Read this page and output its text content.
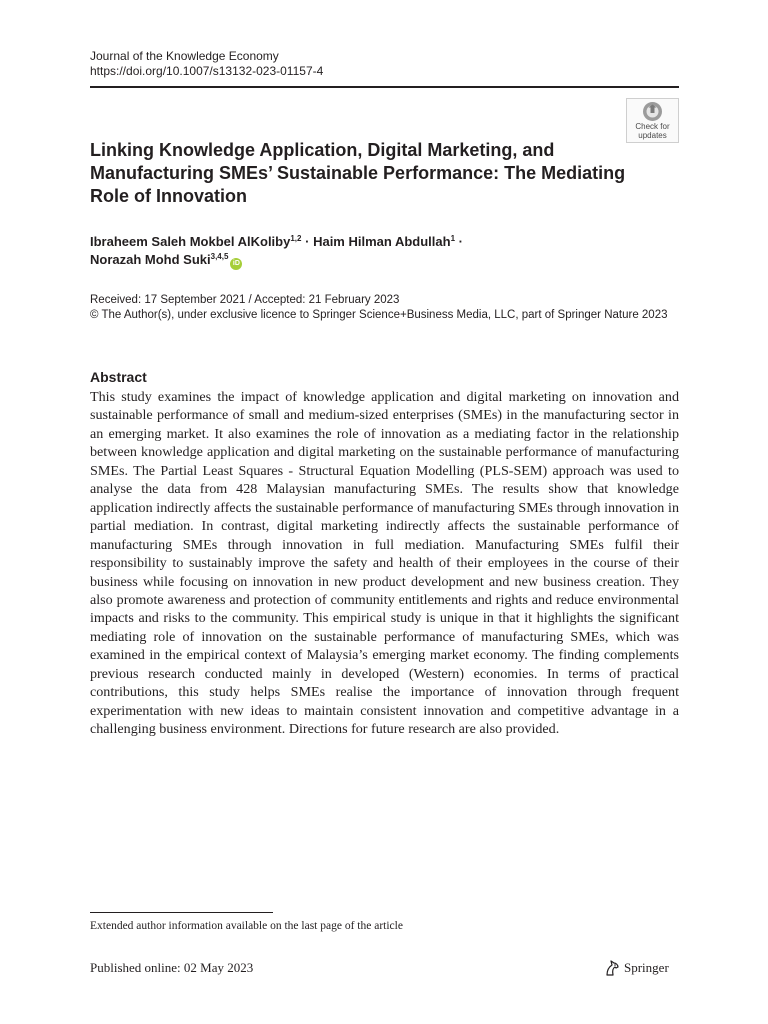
Journal of the Knowledge Economy
https://doi.org/10.1007/s13132-023-01157-4
Check for
updates
Linking Knowledge Application, Digital Marketing, and Manufacturing SMEs’ Sustainable Performance: The Mediating Role of Innovation
Ibraheem Saleh Mokbel AlKoliby$^{1,2}$ · Haim Hilman Abdullah$^1$ ·
Norazah Mohd Suki$^{3,4,5}$iD
Received: 17 September 2021 / Accepted: 21 February 2023
© The Author(s), under exclusive licence to Springer Science+Business Media, LLC, part of Springer Nature 2023
Abstract

This study examines the impact of knowledge application and digital marketing on innovation and sustainable performance of small and medium-sized enterprises (SMEs) in the manufacturing sector in an emerging market. It also examines the role of innovation as a mediating factor in the relationship between knowledge application and digital marketing on the sustainable performance of manufacturing SMEs. The Partial Least Squares - Structural Equation Modelling (PLS-SEM) approach was used to analyse the data from 428 Malaysian manufacturing SMEs. The results show that knowledge application indirectly affects the sustainable performance of manufacturing SMEs through innovation in partial mediation. In contrast, digital marketing indirectly affects the sustainable performance of manufacturing SMEs through innovation in full mediation. Manufacturing SMEs fulfil their responsibility to sustainably improve the safety and health of their employees in the course of their business while focusing on innovation in new product development and new business creation. They also promote awareness and protection of community entitlements and rights and reduce environmental impacts and risks to the community. This empirical study is unique in that it highlights the significant mediating role of innovation on the sustainable performance of manufacturing SMEs, which was examined in the empirical context of Malaysia’s emerging market economy. The finding complements previous research conducted mainly in developed (Western) economies. In terms of practical contributions, this study helps SMEs realise the importance of innovation through frequent experimentation with new ideas to maintain consistent innovation and competitive advantage in a challenging business environment. Directions for future research are also provided.

Extended author information available on the last page of the article
Published online: 02 May 2023	Springer
